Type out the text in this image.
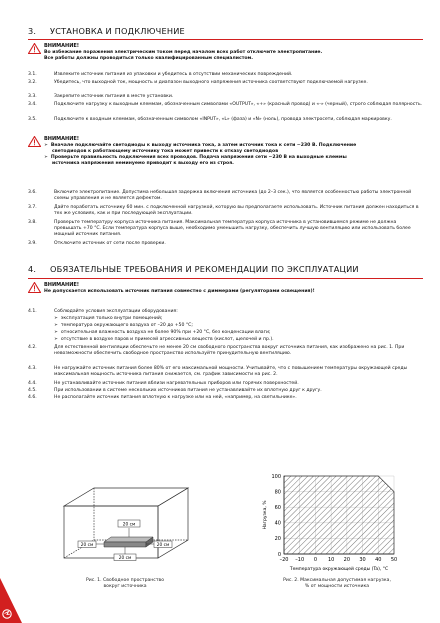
3. УСТАНОВКА И ПОДКЛЮЧЕНИЕ
ВНИМАНИЕ!
Во избежание поражения электрическим током перед началом всех работ отключите электропитание.
Все работы должны проводиться только квалифицированным специалистом.
3.1.	Извлеките источник питания из упаковки и убедитесь в отсутствии механических повреждений.
3.2.	Убедитесь, что выходной ток, мощность и диапазон выходного напряжения источника соответствуют подключаемой нагрузке.
3.3.	Закрепите источник питания в месте установки.
3.4.	Подключите нагрузку к выходным клеммам, обозначенным символами «OUTPUT», «+» (красный провод) и «-» (черный), строго соблюдая полярность.
3.5.	Подключите к входным клеммам, обозначенным символом «INPUT», «L» (фаза) и «N» (ноль), провода электросети, соблюдая маркировку.
ВНИМАНИЕ!
➢ Вначале подключайте светодиоды к выходу источника тока, а затем источник тока к сети ~230 В. Подключение
светодиодов к работающему источнику тока может привести к отказу светодиодов
➢ Проверьте правильность подключения всех проводов. Подача напряжения сети ~230 В на выходные клеммы
источника напряжения неминуемо приводит к выходу его из строя.
3.6.	Включите электропитание. Допустима небольшая задержка включения источника (до 2–3 сек.), что является особенностью работы электронной схемы управления и не является дефектом.
3.7.	Дайте поработать источнику 60 мин. с подключенной нагрузкой, которую вы предполагаете использовать. Источник питания должен находиться в тех же условиях, как и при последующей эксплуатации.
3.8.	Проверьте температуру корпуса источника питания. Максимальная температура корпуса источника в установившемся режиме не должна превышать +70 °С. Если температура корпуса выше, необходимо уменьшить нагрузку, обеспечить лучшую вентиляцию или использовать более мощный источник питания.
3.9.	Отключите источник от сети после проверки.
4. ОБЯЗАТЕЛЬНЫЕ ТРЕБОВАНИЯ И РЕКОМЕНДАЦИИ ПО ЭКСПЛУАТАЦИИ
ВНИМАНИЕ!
Не допускается использовать источник питания совместно с диммерами (регуляторами освещения)!
4.1.	Соблюдайте условия эксплуатации оборудования:
➢ эксплуатация только внутри помещений;
➢ температура окружающего воздуха от –20 до +50 °C;
➢ относительная влажность воздуха не более 90% при +20 °C, без конденсации влаги;
➢ отсутствие в воздухе паров и примесей агрессивных веществ (кислот, щелочей и пр.).
4.2.	Для естественной вентиляции обеспечьте не менее 20 см свободного пространства вокруг источника питания, как изображено на рис. 1. При невозможности обеспечить свободное пространство используйте принудительную вентиляцию.
4.3.	Не нагружайте источник питания более 80% от его максимальной мощности. Учитывайте, что с повышением температуры окружающей среды максимальная мощность источника питания снижается, см. график зависимости на рис. 2.
4.4.	Не устанавливайте источник питания вблизи нагревательных приборов или горячих поверхностей.
4.5.	При использовании в системе нескольких источников питания не устанавливайте их вплотную друг к другу.
4.6.	Не располагайте источник питания вплотную к нагрузке или на ней, «например, на светильнике».
20 см
20 см	20 см
20 см
Рис. 1. Свободное пространство
вокруг источника
–20 –10 0 10 20 30 40 50
0
20
40
60
80
100
Нагрузка, %
Температура окружающей среды (Ta), °C
Рис. 2. Максимальная допустимая нагрузка,
% от мощности источника
